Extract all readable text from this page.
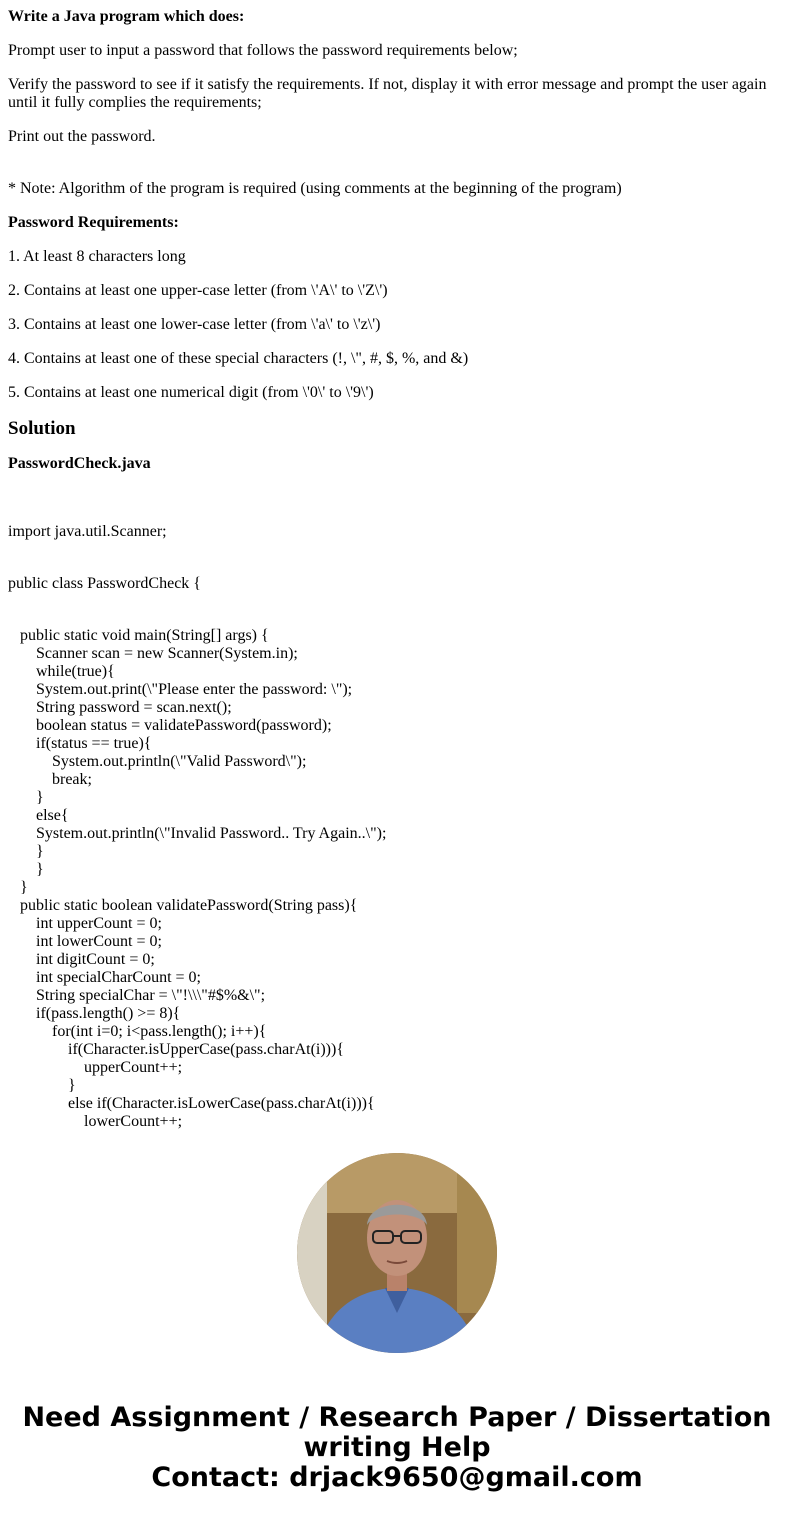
Write a Java program which does:

Prompt user to input a password that follows the password requirements below;

Verify the password to see if it satisfy the requirements. If not, display it with error message and prompt the user again until it fully complies the requirements;

Print out the password.

* Note: Algorithm of the program is required (using comments at the beginning of the program)

Password Requirements:

1. At least 8 characters long

2. Contains at least one upper-case letter (from \'A\' to \'Z\')

3. Contains at least one lower-case letter (from \'a\' to \'z\')

4. Contains at least one of these special characters (!, \", #, $, %, and &)

5. Contains at least one numerical digit (from \'0\' to \'9\')

Solution
PasswordCheck.java
import java.util.Scanner;
public class PasswordCheck {
public static void main(String[] args) {
Scanner scan = new Scanner(System.in);
while(true){
System.out.print(\"Please enter the password: \");
String password = scan.next();
boolean status = validatePassword(password);
if(status == true){
System.out.println(\"Valid Password\");
break;
}
else{
System.out.println(\"Invalid Password.. Try Again..\");
}
}
}
public static boolean validatePassword(String pass){
int upperCount = 0;
int lowerCount = 0;
int digitCount = 0;
int specialCharCount = 0;
String specialChar = \"!\\\"#$%&\";
if(pass.length() >= 8){
for(int i=0; i<pass.length(); i++){
if(Character.isUpperCase(pass.charAt(i))){
upperCount++;
}
else if(Character.isLowerCase(pass.charAt(i))){
lowerCount++;
Need Assignment / Research Paper / Dissertation
writing Help
Contact: drjack9650@gmail.com
